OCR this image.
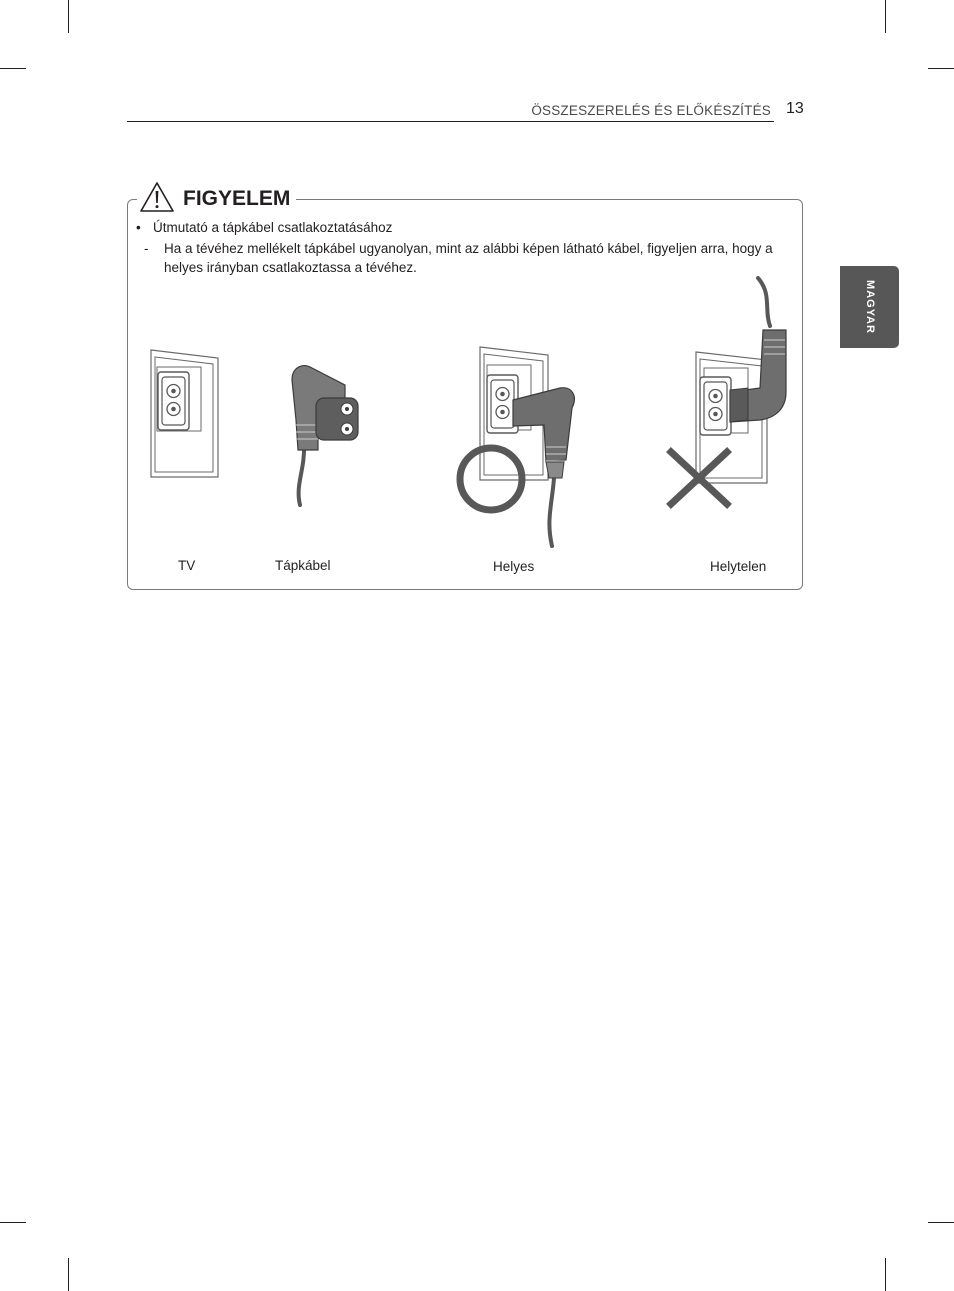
ÖSSZESZERELÉS ÉS ELŐKÉSZÍTÉS 13
MAGYAR
FIGYELEM
• Útmutató a tápkábel csatlakoztatásához
-	Ha a tévéhez mellékelt tápkábel ugyanolyan, mint az alábbi képen látható kábel, figyeljen arra, hogy a helyes irányban csatlakoztassa a tévéhez.
TV	Tápkábel	Helyes	Helytelen
